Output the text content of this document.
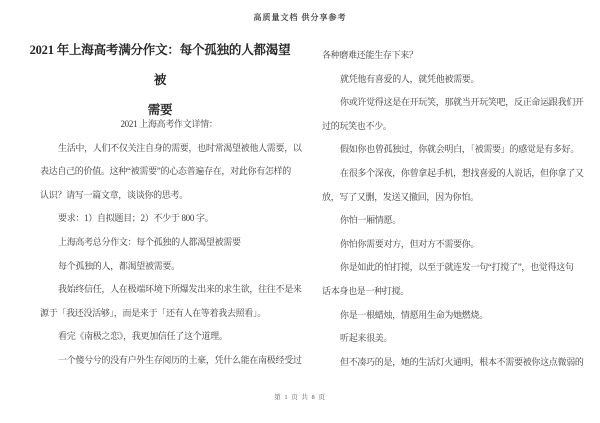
高质量文档 供分享参考
2021 年上海高考满分作文：每个孤独的人都渴望被
需要
2021 上海高考作文详情：
生活中，人们不仅关注自身的需要，也时常渴望被他人需要，以
表达自己的价值。这种“被需要”的心态普遍存在，对此你有怎样的
认识？请写一篇文章，谈谈你的思考。
要求：1）自拟题目；2）不少于 800 字。
上海高考总分作文：每个孤独的人都渴望被需要
每个孤独的人，都渴望被需要。
我始终信任，人在极端环境下所爆发出来的求生欲，往往不是来
源于「我还没活够」，而是来于「还有人在等着我去照看」。
看完《南极之恋》，我更加信任了这个道理。
一个傻兮兮的没有户外生存阅历的土豪，凭什么能在南极经受过
各种磨难还能生存下来？
就凭他有喜爱的人，就凭他被需要。
你或许觉得这是在开玩笑，那就当开玩笑吧，反正命运跟我们开
过的玩笑也不少。
假如你也曾孤独过，你就会明白，「被需要」的感觉是有多好。
在很多个深夜，你曾拿起手机，想找喜爱的人说话，但你拿了又
放，写了又删，发送又撤回，因为你怕。
你怕一厢情愿。
你怕你需要对方，但对方不需要你。
你是如此的怕打搅，以至于就连发一句“打搅了”，也觉得这句
话本身也是一种打搅。
你是一根蜡烛，情愿用生命为她燃烧。
听起来很美。
但不凑巧的是，她的生活灯火通明，根本不需要被你这点微弱的
第 1 页 共 8 页
